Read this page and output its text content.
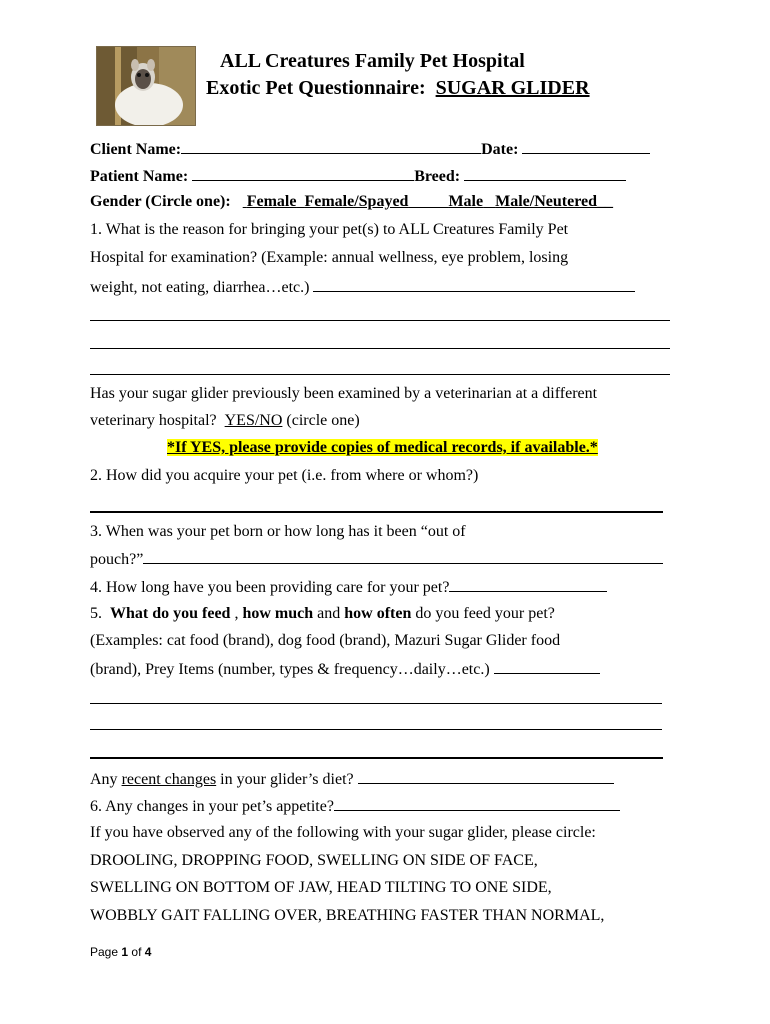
ALL Creatures Family Pet Hospital
Exotic Pet Questionnaire: SUGAR GLIDER
Client Name:	Date:
Patient Name:	Breed:
Gender (Circle one): Female Female/Spayed	Male Male/Neutered__
1. What is the reason for bringing your pet(s) to ALL Creatures Family Pet
Hospital for examination? (Example: annual wellness, eye problem, losing
weight, not eating, diarrhea…etc.)
Has your sugar glider previously been examined by a veterinarian at a different
veterinary hospital? YES/NO (circle one)
*If YES, please provide copies of medical records, if available.*
2. How did you acquire your pet (i.e. from where or whom?)
3. When was your pet born or how long has it been “out of
pouch?”
4. How long have you been providing care for your pet?
5. What do you feed , how much and how often do you feed your pet?
(Examples: cat food (brand), dog food (brand), Mazuri Sugar Glider food
(brand), Prey Items (number, types & frequency…daily…etc.)
Any recent changes in your glider’s diet?
6. Any changes in your pet’s appetite?
If you have observed any of the following with your sugar glider, please circle:
DROOLING, DROPPING FOOD, SWELLING ON SIDE OF FACE,
SWELLING ON BOTTOM OF JAW, HEAD TILTING TO ONE SIDE,
WOBBLY GAIT FALLING OVER, BREATHING FASTER THAN NORMAL,
Page 1 of 4
